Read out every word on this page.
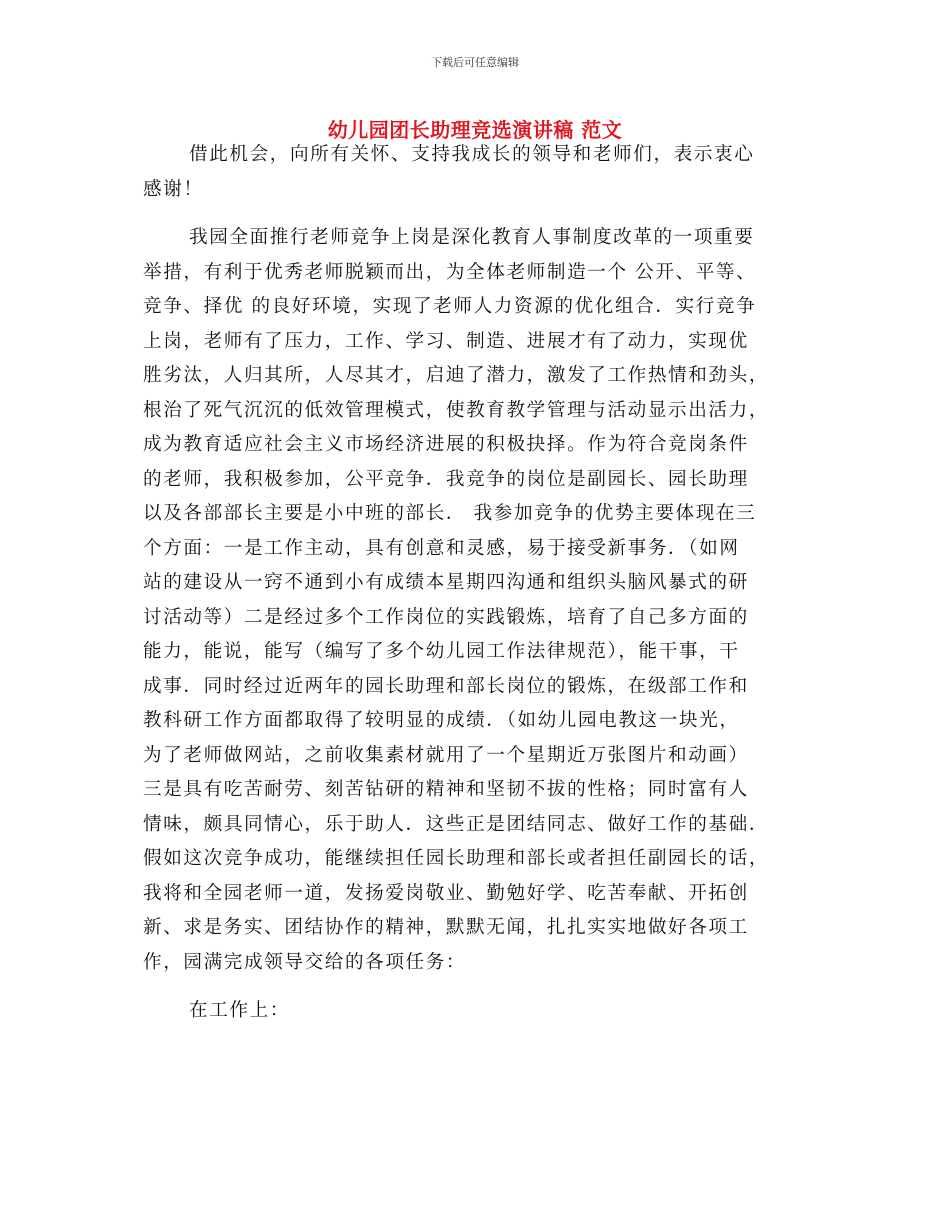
下载后可任意编辑
幼儿园团长助理竞选演讲稿 范文
借此机会，向所有关怀、支持我成长的领导和老师们，表示衷心
感谢！
我园全面推行老师竞争上岗是深化教育人事制度改革的一项重要
举措，有利于优秀老师脱颖而出，为全体老师制造一个 公开、平等、
竞争、择优 的良好环境，实现了老师人力资源的优化组合．实行竞争
上岗，老师有了压力，工作、学习、制造、进展才有了动力，实现优
胜劣汰，人归其所，人尽其才，启迪了潜力，激发了工作热情和劲头，
根治了死气沉沉的低效管理模式，使教育教学管理与活动显示出活力，
成为教育适应社会主义市场经济进展的积极抉择。作为符合竞岗条件
的老师，我积极参加，公平竞争．我竞争的岗位是副园长、园长助理
以及各部部长主要是小中班的部长． 我参加竞争的优势主要体现在三
个方面：一是工作主动，具有创意和灵感，易于接受新事务．（如网
站的建设从一窍不通到小有成绩本星期四沟通和组织头脑风暴式的研
讨活动等）二是经过多个工作岗位的实践锻炼，培育了自己多方面的
能力，能说，能写（编写了多个幼儿园工作法律规范），能干事，干
成事．同时经过近两年的园长助理和部长岗位的锻炼，在级部工作和
教科研工作方面都取得了较明显的成绩．（如幼儿园电教这一块光，
为了老师做网站，之前收集素材就用了一个星期近万张图片和动画）
三是具有吃苦耐劳、刻苦钻研的精神和坚韧不拔的性格；同时富有人
情味，颇具同情心，乐于助人．这些正是团结同志、做好工作的基础．
假如这次竞争成功，能继续担任园长助理和部长或者担任副园长的话，
我将和全园老师一道，发扬爱岗敬业、勤勉好学、吃苦奉献、开拓创
新、求是务实、团结协作的精神，默默无闻，扎扎实实地做好各项工
作，园满完成领导交给的各项任务：
在工作上：
